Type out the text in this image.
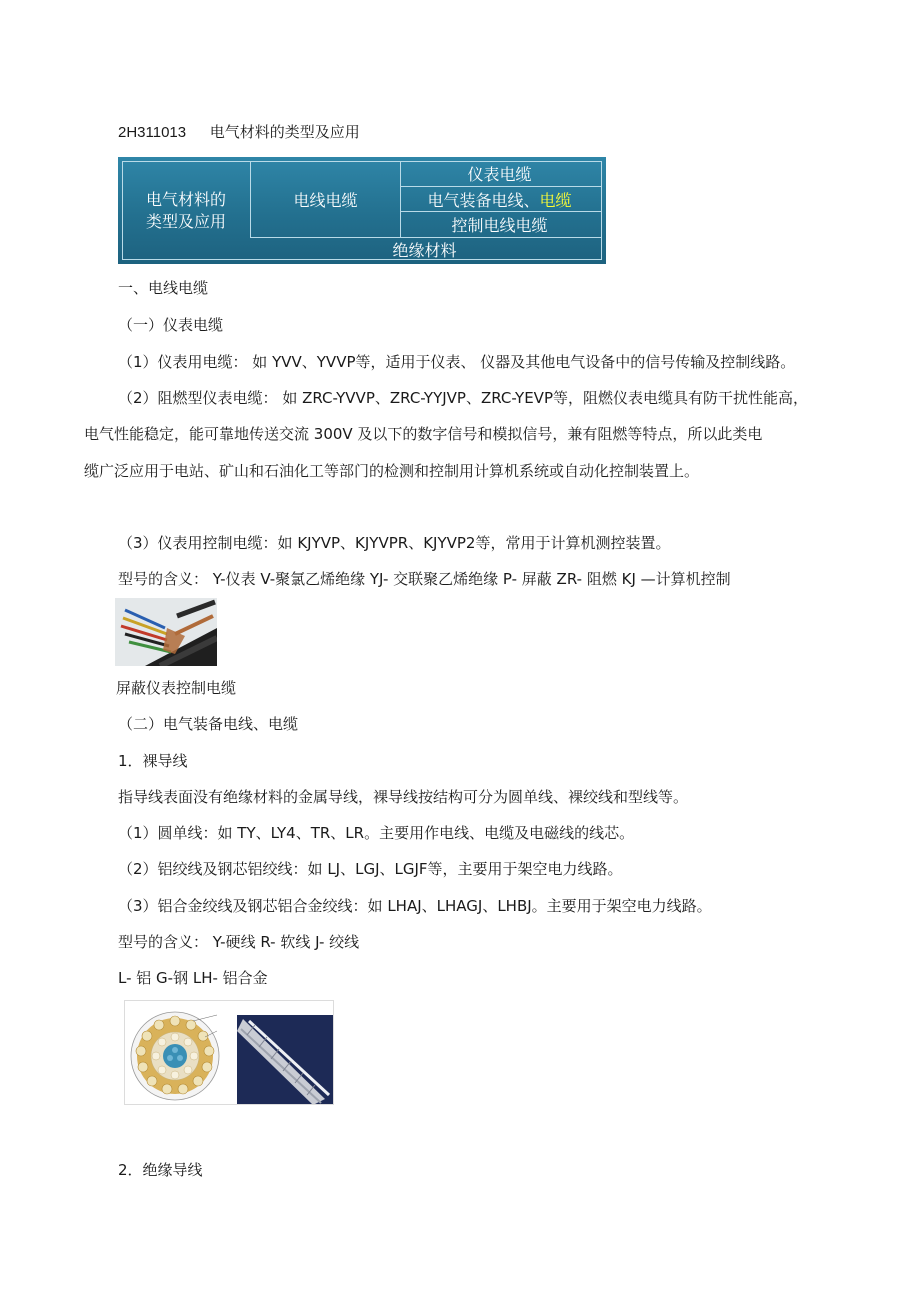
2H311013 电气材料的类型及应用
电气材料的类型及应用
电线电缆
仪表电缆
电气装备电线、 电缆
控制电线电缆
绝缘材料
一、电线电缆
（一）仪表电缆
（1）仪表用电缆： 如 YVV、YVVP等，适用于仪表、 仪器及其他电气设备中的信号传输及控制线路。
（2）阻燃型仪表电缆： 如 ZRC-YVVP、ZRC-YYJVP、ZRC-YEVP等，阻燃仪表电缆具有防干扰性能高，
电气性能稳定，能可靠地传送交流 300V 及以下的数字信号和模拟信号，兼有阻燃等特点，所以此类电
缆广泛应用于电站、矿山和石油化工等部门的检测和控制用计算机系统或自动化控制装置上。
（3）仪表用控制电缆：如 KJYVP、KJYVPR、KJYVP2等，常用于计算机测控装置。
型号的含义： Y-仪表 V-聚氯乙烯绝缘 YJ- 交联聚乙烯绝缘 P- 屏蔽 ZR- 阻燃 KJ —计算机控制
屏蔽仪表控制电缆
（二）电气装备电线、电缆
1．裸导线
指导线表面没有绝缘材料的金属导线，裸导线按结构可分为圆单线、裸绞线和型线等。
（1）圆单线：如 TY、LY4、TR、LR。主要用作电线、电缆及电磁线的线芯。
（2）铝绞线及钢芯铝绞线：如 LJ、LGJ、LGJF等，主要用于架空电力线路。
（3）铝合金绞线及钢芯铝合金绞线：如 LHAJ、LHAGJ、LHBJ。主要用于架空电力线路。
型号的含义： Y-硬线 R- 软线 J- 绞线
L- 铝 G-钢 LH- 铝合金
2．绝缘导线
